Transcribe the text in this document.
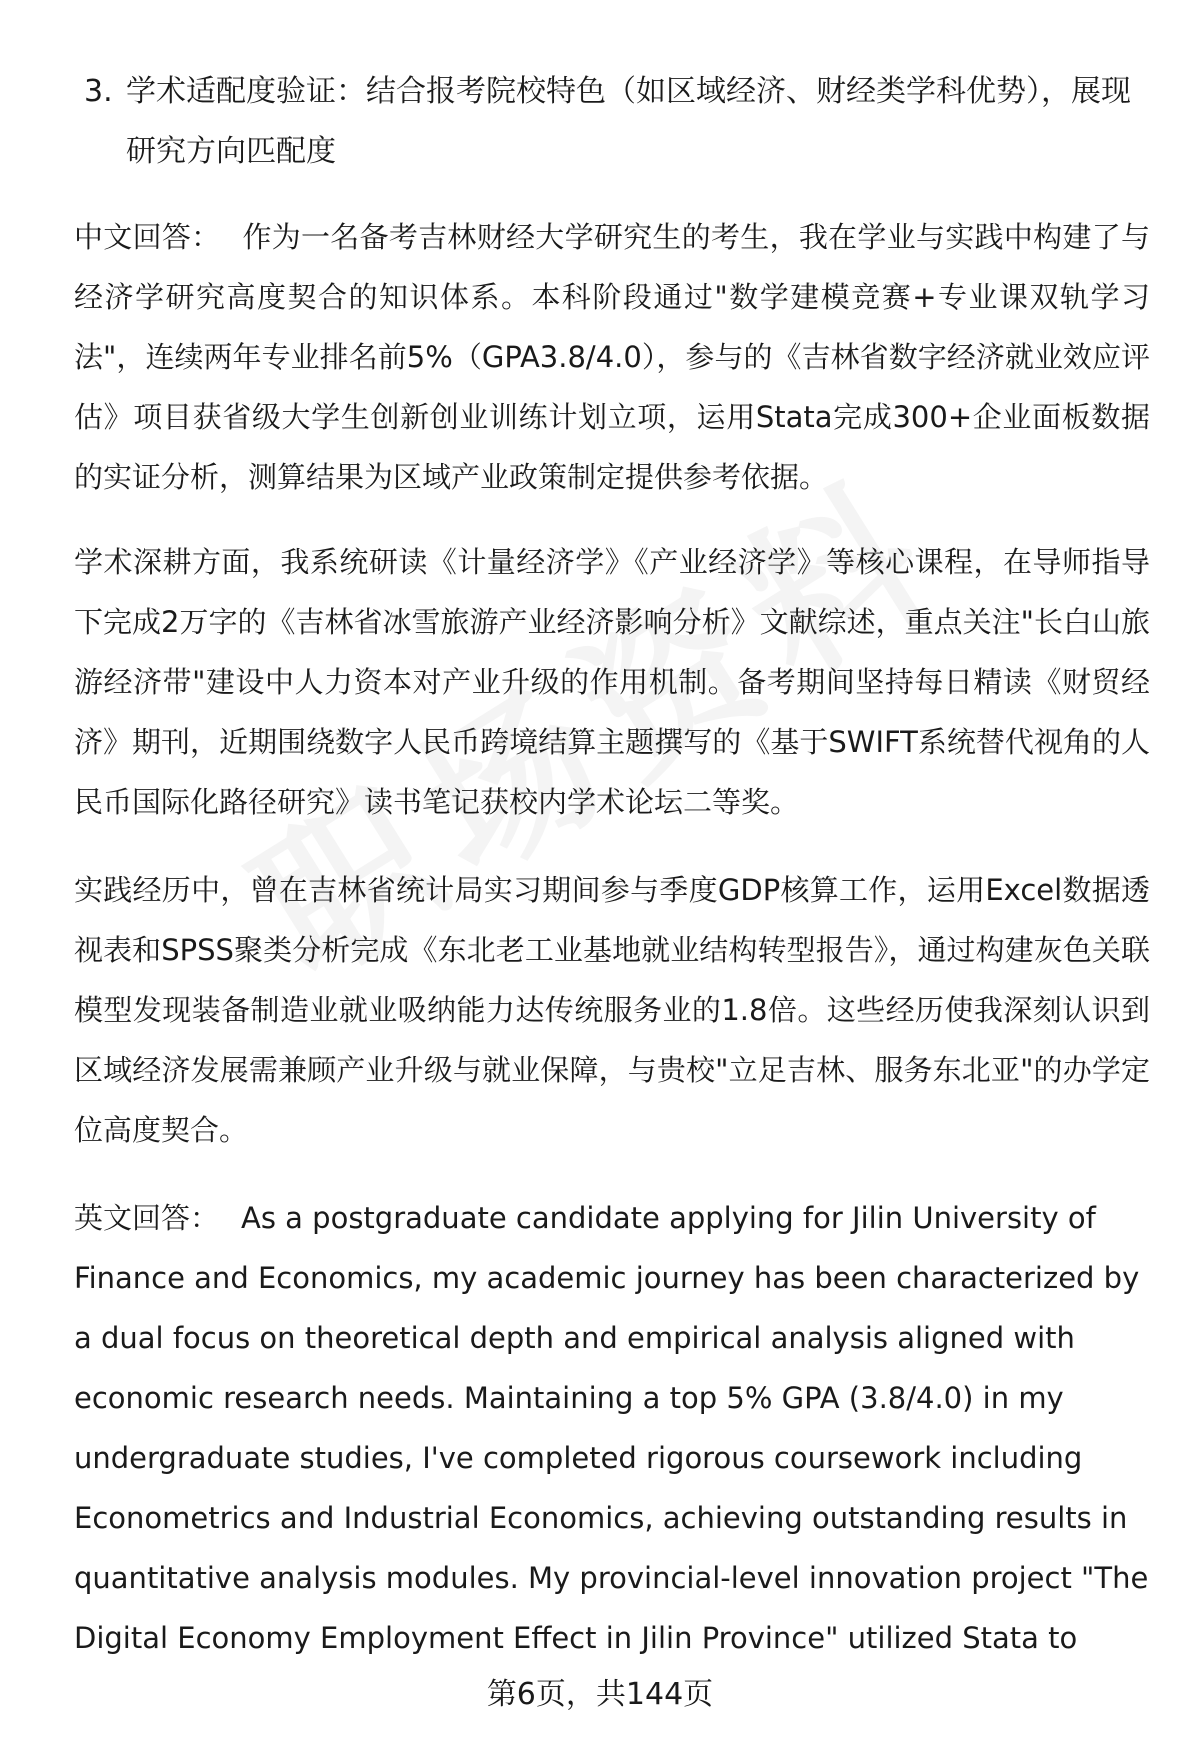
3. 学术适配度验证：结合报考院校特色（如区域经济、财经类学科优势），展现研究方向匹配度

中文回答： 作为一名备考吉林财经大学研究生的考生，我在学业与实践中构建了与经济学研究高度契合的知识体系。本科阶段通过"数学建模竞赛+专业课双轨学习法"，连续两年专业排名前5%（GPA3.8/4.0），参与的《吉林省数字经济就业效应评估》项目获省级大学生创新创业训练计划立项，运用Stata完成300+企业面板数据的实证分析，测算结果为区域产业政策制定提供参考依据。

学术深耕方面，我系统研读《计量经济学》《产业经济学》等核心课程，在导师指导下完成2万字的《吉林省冰雪旅游产业经济影响分析》文献综述，重点关注"长白山旅游经济带"建设中人力资本对产业升级的作用机制。备考期间坚持每日精读《财贸经济》期刊，近期围绕数字人民币跨境结算主题撰写的《基于SWIFT系统替代视角的人民币国际化路径研究》读书笔记获校内学术论坛二等奖。

实践经历中，曾在吉林省统计局实习期间参与季度GDP核算工作，运用Excel数据透视表和SPSS聚类分析完成《东北老工业基地就业结构转型报告》，通过构建灰色关联模型发现装备制造业就业吸纳能力达传统服务业的1.8倍。这些经历使我深刻认识到区域经济发展需兼顾产业升级与就业保障，与贵校"立足吉林、服务东北亚"的办学定位高度契合。

英文回答： As a postgraduate candidate applying for Jilin University of Finance and Economics, my academic journey has been characterized by a dual focus on theoretical depth and empirical analysis aligned with economic research needs. Maintaining a top 5% GPA (3.8/4.0) in my undergraduate studies, I've completed rigorous coursework including Econometrics and Industrial Economics, achieving outstanding results in quantitative analysis modules. My provincial-level innovation project "The Digital Economy Employment Effect in Jilin Province" utilized Stata to

第6页，共144页
